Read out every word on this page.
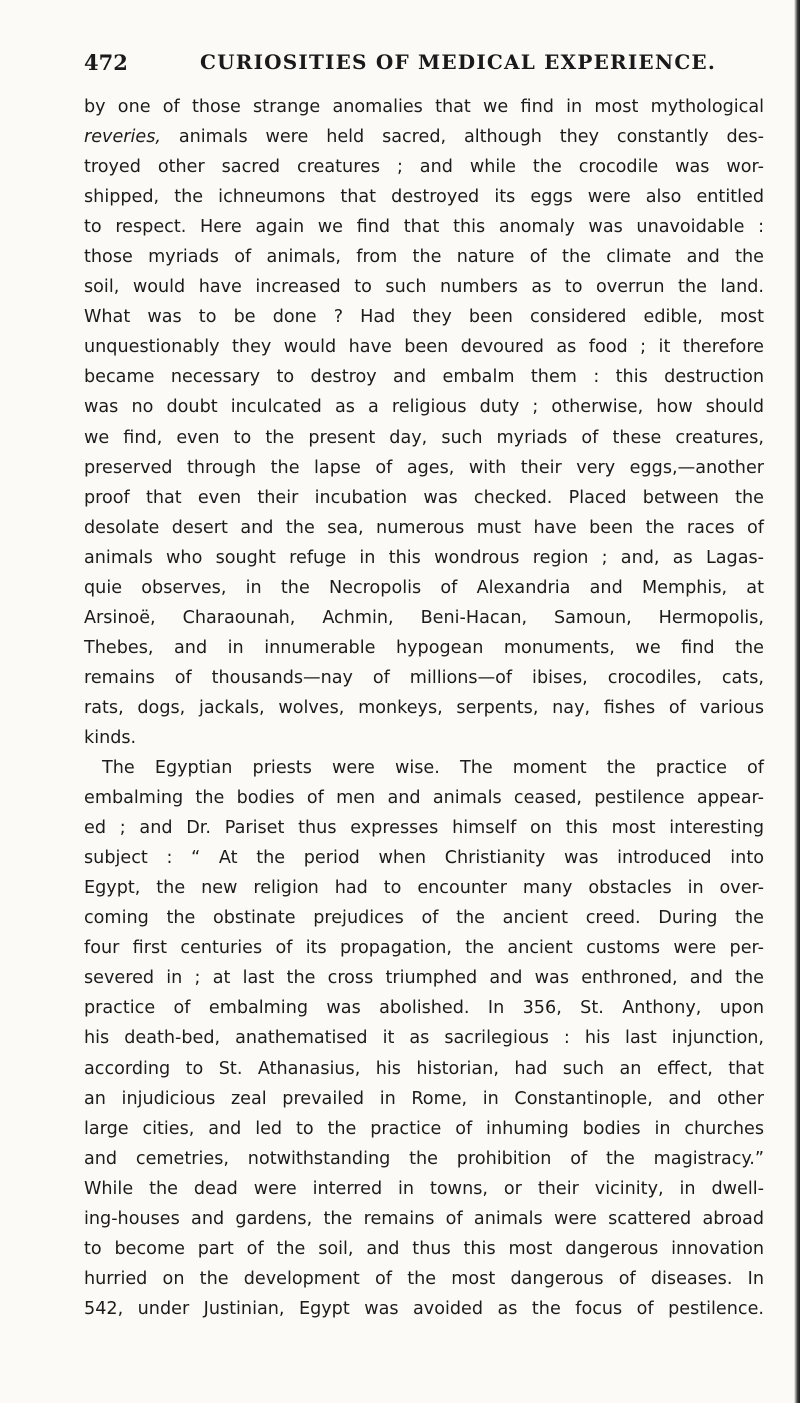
472	CURIOSITIES OF MEDICAL EXPERIENCE.
by one of those strange anomalies that we find in most mythological
reveries, animals were held sacred, although they constantly des-
troyed other sacred creatures ; and while the crocodile was wor-
shipped, the ichneumons that destroyed its eggs were also entitled
to respect. Here again we find that this anomaly was unavoidable :
those myriads of animals, from the nature of the climate and the
soil, would have increased to such numbers as to overrun the land.
What was to be done ? Had they been considered edible, most
unquestionably they would have been devoured as food ; it therefore
became necessary to destroy and embalm them : this destruction
was no doubt inculcated as a religious duty ; otherwise, how should
we find, even to the present day, such myriads of these creatures,
preserved through the lapse of ages, with their very eggs,—another
proof that even their incubation was checked. Placed between the
desolate desert and the sea, numerous must have been the races of
animals who sought refuge in this wondrous region ; and, as Lagas-
quie observes, in the Necropolis of Alexandria and Memphis, at
Arsinoë, Charaounah, Achmin, Beni-Hacan, Samoun, Hermopolis,
Thebes, and in innumerable hypogean monuments, we find the
remains of thousands—nay of millions—of ibises, crocodiles, cats,
rats, dogs, jackals, wolves, monkeys, serpents, nay, fishes of various
kinds.
The Egyptian priests were wise. The moment the practice of
embalming the bodies of men and animals ceased, pestilence appear-
ed ; and Dr. Pariset thus expresses himself on this most interesting
subject : “ At the period when Christianity was introduced into
Egypt, the new religion had to encounter many obstacles in over-
coming the obstinate prejudices of the ancient creed. During the
four first centuries of its propagation, the ancient customs were per-
severed in ; at last the cross triumphed and was enthroned, and the
practice of embalming was abolished. In 356, St. Anthony, upon
his death-bed, anathematised it as sacrilegious : his last injunction,
according to St. Athanasius, his historian, had such an effect, that
an injudicious zeal prevailed in Rome, in Constantinople, and other
large cities, and led to the practice of inhuming bodies in churches
and cemetries, notwithstanding the prohibition of the magistracy.”
While the dead were interred in towns, or their vicinity, in dwell-
ing-houses and gardens, the remains of animals were scattered abroad
to become part of the soil, and thus this most dangerous innovation
hurried on the development of the most dangerous of diseases. In
542, under Justinian, Egypt was avoided as the focus of pestilence.
